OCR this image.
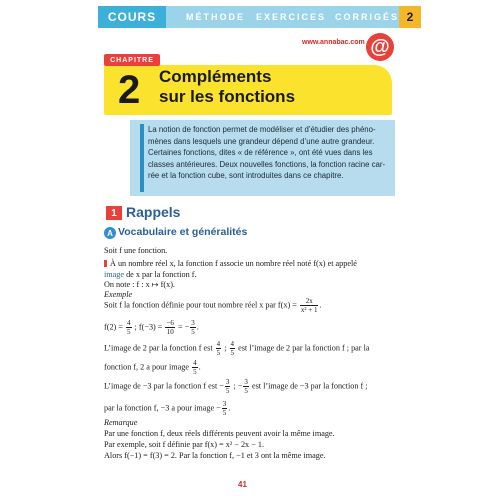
COURS	MÉTHODE EXERCICES CORRIGÉS 2
www.annabac.com @
CHAPITRE
2 Compléments
sur les fonctions
La notion de fonction permet de modéliser et d’étudier des phéno-
mènes dans lesquels une grandeur dépend d’une autre grandeur.
Certaines fonctions, dites « de référence », ont été vues dans les
classes antérieures. Deux nouvelles fonctions, la fonction racine car-
rée et la fonction cube, sont introduites dans ce chapitre.
1 Rappels
A Vocabulaire et généralités
Soit f une fonction.
À un nombre réel x, la fonction f associe un nombre réel noté f(x) et appelé
image de x par la fonction f.
On note : f : x ↦ f(x).
Exemple
Soit f la fonction définie pour tout nombre réel x par $f(x) = \frac{2x}{\text{x² + 1}}$ .
$f(2) = \frac{4}{5}$ ; $f(-3) = \frac{-6}{10}$ = − $\frac{3}{5}$ .
L’image de 2 par la fonction f est $\frac{4}{5}$ ; $\frac{4}{5}$ est l’image de 2 par la fonction f ; par la
fonction f, 2 a pour image $\frac{4}{5}$ .
L’image de −3 par la fonction f est − $\frac{3}{5}$ ; − $\frac{3}{5}$ est l’image de −3 par la fonction f ;
par la fonction f, −3 a pour image − $\frac{3}{5}$ .
Remarque
Par une fonction f, deux réels différents peuvent avoir la même image.
Par exemple, soit f définie par f(x) = x² − 2x − 1.
Alors f(−1) = f(3) = 2. Par la fonction f, −1 et 3 ont la même image.
41
